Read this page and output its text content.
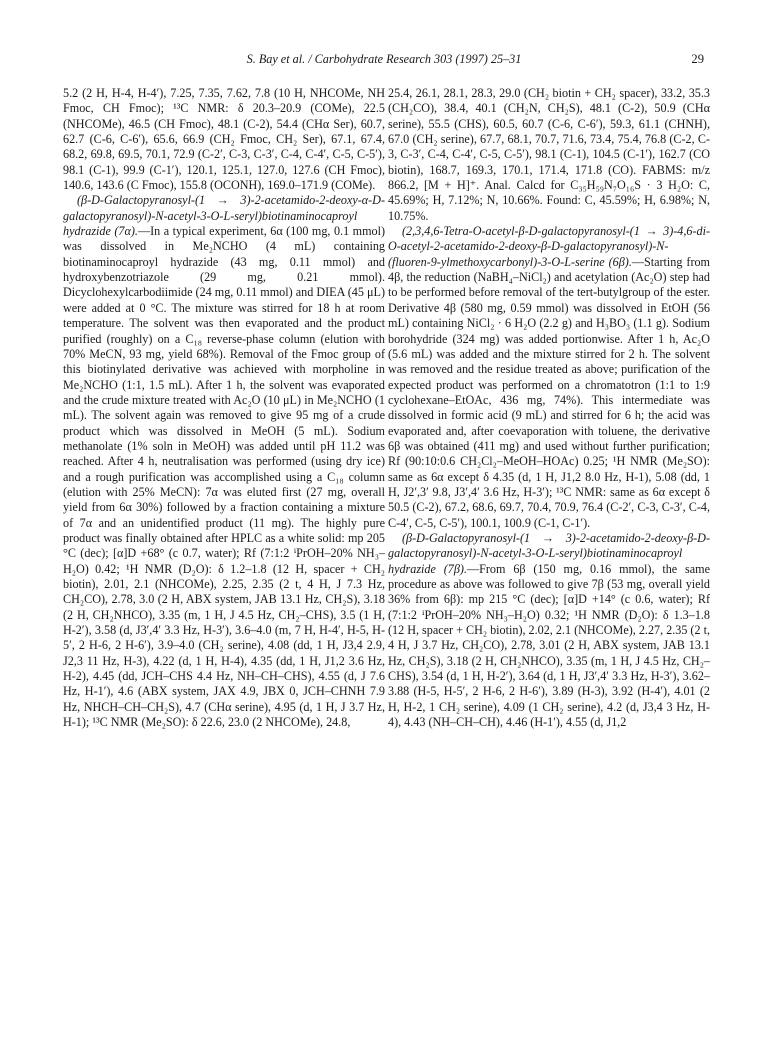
S. Bay et al. / Carbohydrate Research 303 (1997) 25–31	29

5.2 (2 H, H-4, H-4′), 7.25, 7.35, 7.62, 7.8 (10 H, NHCOMe, NH Fmoc, CH Fmoc); ¹³C NMR: δ 20.3–20.9 (COMe), 22.5 (NHCOMe), 46.5 (CH Fmoc), 48.1 (C-2), 54.4 (CHα Ser), 60.7, 62.7 (C-6, C-6′), 65.6, 66.9 (CH₂ Fmoc, CH₂ Ser), 67.1, 67.4, 68.2, 69.8, 69.5, 70.1, 72.9 (C-2′, C-3, C-3′, C-4, C-4′, C-5, C-5′), 98.1 (C-1), 99.9 (C-1′), 120.1, 125.1, 127.0, 127.6 (CH Fmoc), 140.6, 143.6 (C Fmoc), 155.8 (OCONH), 169.0–171.9 (COMe).

(β-D-Galactopyranosyl-(1 → 3)-2-acetamido-2-deoxy-α-D-galactopyranosyl)-N-acetyl-3-O-L-seryl)biotinaminocaproyl hydrazide (7α).—In a typical experiment, 6α (100 mg, 0.1 mmol) was dissolved in Me₂NCHO (4 mL) containing biotinaminocaproyl hydrazide (43 mg, 0.11 mmol) and hydroxybenzotriazole (29 mg, 0.21 mmol). Dicyclohexylcarbodiimide (24 mg, 0.11 mmol) and DIEA (45 μL) were added at 0 °C. The mixture was stirred for 18 h at room temperature. The solvent was then evaporated and the product purified (roughly) on a C₁₈ reverse-phase column (elution with 70% MeCN, 93 mg, yield 68%). Removal of the Fmoc group of this biotinylated derivative was achieved with morpholine in Me₂NCHO (1:1, 1.5 mL). After 1 h, the solvent was evaporated and the crude mixture treated with Ac₂O (10 μL) in Me₂NCHO (1 mL). The solvent again was removed to give 95 mg of a crude product which was dissolved in MeOH (5 mL). Sodium methanolate (1% soln in MeOH) was added until pH 11.2 was reached. After 4 h, neutralisation was performed (using dry ice) and a rough purification was accomplished using a C₁₈ column (elution with 25% MeCN): 7α was eluted first (27 mg, overall yield from 6α 30%) followed by a fraction containing a mixture of 7α and an unidentified product (11 mg). The highly pure product was finally obtained after HPLC as a white solid: mp 205 °C (dec); [α]D +68° (c 0.7, water); Rf (7:1:2 ⁱPrOH–20% NH₃–H₂O) 0.42; ¹H NMR (D₂O): δ 1.2–1.8 (12 H, spacer + CH₂ biotin), 2.01, 2.1 (NHCOMe), 2.25, 2.35 (2 t, 4 H, J 7.3 Hz, CH₂CO), 2.78, 3.0 (2 H, ABX system, JAB 13.1 Hz, CH₂S), 3.18 (2 H, CH₂NHCO), 3.35 (m, 1 H, J 4.5 Hz, CH₂–CHS), 3.5 (1 H, H-2′), 3.58 (d, J3′,4′ 3.3 Hz, H-3′), 3.6–4.0 (m, 7 H, H-4′, H-5, H-5′, 2 H-6, 2 H-6′), 3.9–4.0 (CH₂ serine), 4.08 (dd, 1 H, J3,4 2.9, J2,3 11 Hz, H-3), 4.22 (d, 1 H, H-4), 4.35 (dd, 1 H, J1,2 3.6 Hz, H-2), 4.45 (dd, JCH–CHS 4.4 Hz, NH–CH–CHS), 4.55 (d, J 7.6 Hz, H-1′), 4.6 (ABX system, JAX 4.9, JBX 0, JCH–CHNH 7.9 Hz, NHCH–CH–CH₂S), 4.7 (CHα serine), 4.95 (d, 1 H, J 3.7 Hz, H-1); ¹³C NMR (Me₂SO): δ 22.6, 23.0 (2 NHCOMe), 24.8,

25.4, 26.1, 28.1, 28.3, 29.0 (CH₂ biotin + CH₂ spacer), 33.2, 35.3 (CH₂CO), 38.4, 40.1 (CH₂N, CH₂S), 48.1 (C-2), 50.9 (CHα serine), 55.5 (CHS), 60.5, 60.7 (C-6, C-6′), 59.3, 61.1 (CHNH), 67.0 (CH₂ serine), 67.7, 68.1, 70.7, 71.6, 73.4, 75.4, 76.8 (C-2, C-3, C-3′, C-4, C-4′, C-5, C-5′), 98.1 (C-1), 104.5 (C-1′), 162.7 (CO biotin), 168.7, 169.3, 170.1, 171.4, 171.8 (CO). FABMS: m/z 866.2, [M + H]⁺. Anal. Calcd for C₃₅H₅₉N₇O₁₆S · 3 H₂O: C, 45.69%; H, 7.12%; N, 10.66%. Found: C, 45.59%; H, 6.98%; N, 10.75%.

(2,3,4,6-Tetra-O-acetyl-β-D-galactopyranosyl-(1 → 3)-4,6-di-O-acetyl-2-acetamido-2-deoxy-β-D-galactopyranosyl)-N-(fluoren-9-ylmethoxycarbonyl)-3-O-L-serine (6β).—Starting from 4β, the reduction (NaBH₄–NiCl₂) and acetylation (Ac₂O) step had to be performed before removal of the tert-butylgroup of the ester. Derivative 4β (580 mg, 0.59 mmol) was dissolved in EtOH (56 mL) containing NiCl₂ · 6 H₂O (2.2 g) and H₃BO₃ (1.1 g). Sodium borohydride (324 mg) was added portionwise. After 1 h, Ac₂O (5.6 mL) was added and the mixture stirred for 2 h. The solvent was removed and the residue treated as above; purification of the expected product was performed on a chromatotron (1:1 to 1:9 cyclohexane–EtOAc, 436 mg, 74%). This intermediate was dissolved in formic acid (9 mL) and stirred for 6 h; the acid was evaporated and, after coevaporation with toluene, the derivative 6β was obtained (411 mg) and used without further purification; Rf (90:10:0.6 CH₂Cl₂–MeOH–HOAc) 0.25; ¹H NMR (Me₂SO): same as 6α except δ 4.35 (d, 1 H, J1,2 8.0 Hz, H-1), 5.08 (dd, 1 H, J2′,3′ 9.8, J3′,4′ 3.6 Hz, H-3′); ¹³C NMR: same as 6α except δ 50.5 (C-2), 67.2, 68.6, 69.7, 70.4, 70.9, 76.4 (C-2′, C-3, C-3′, C-4, C-4′, C-5, C-5′), 100.1, 100.9 (C-1, C-1′).

(β-D-Galactopyranosyl-(1 → 3)-2-acetamido-2-deoxy-β-D-galactopyranosyl)-N-acetyl-3-O-L-seryl)biotinaminocaproyl hydrazide (7β).—From 6β (150 mg, 0.16 mmol), the same procedure as above was followed to give 7β (53 mg, overall yield 36% from 6β): mp 215 °C (dec); [α]D +14° (c 0.6, water); Rf (7:1:2 ⁱPrOH–20% NH₃–H₂O) 0.32; ¹H NMR (D₂O): δ 1.3–1.8 (12 H, spacer + CH₂ biotin), 2.02, 2.1 (NHCOMe), 2.27, 2.35 (2 t, 4 H, J 3.7 Hz, CH₂CO), 2.78, 3.01 (2 H, ABX system, JAB 13.1 Hz, CH₂S), 3.18 (2 H, CH₂NHCO), 3.35 (m, 1 H, J 4.5 Hz, CH₂–CHS), 3.54 (d, 1 H, H-2′), 3.64 (d, 1 H, J3′,4′ 3.3 Hz, H-3′), 3.62–3.88 (H-5, H-5′, 2 H-6, 2 H-6′), 3.89 (H-3), 3.92 (H-4′), 4.01 (2 H, H-2, 1 CH₂ serine), 4.09 (1 CH₂ serine), 4.2 (d, J3,4 3 Hz, H-4), 4.43 (NH–CH–CH), 4.46 (H-1′), 4.55 (d, J1,2
